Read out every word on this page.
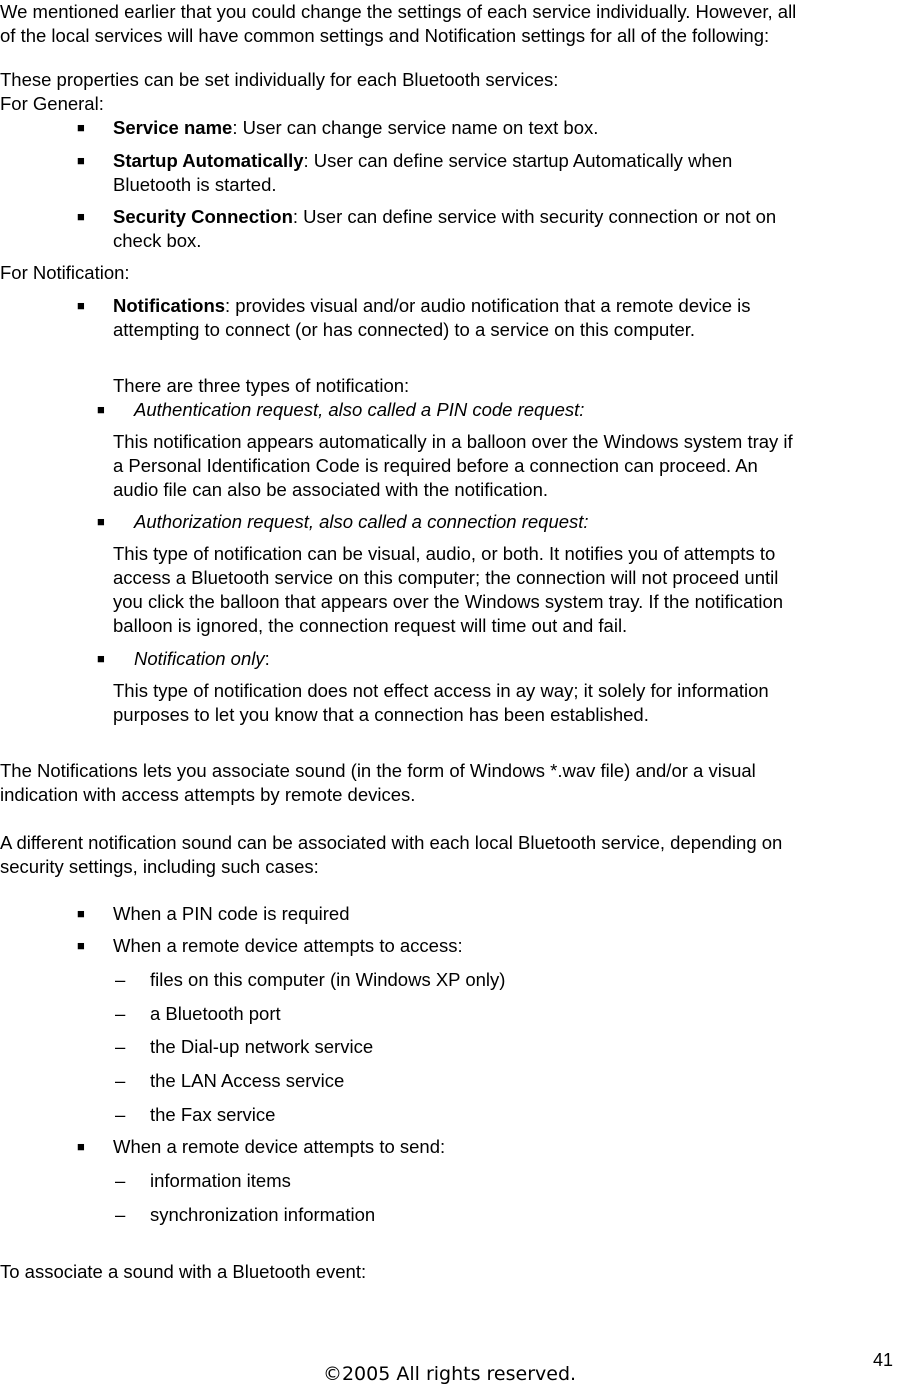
We mentioned earlier that you could change the settings of each service individually. However, all
of the local services will have common settings and Notification settings for all of the following:
These properties can be set individually for each Bluetooth services:
For General:
■ Service name: User can change service name on text box.
■ Startup Automatically: User can define service startup Automatically when
Bluetooth is started.
■ Security Connection: User can define service with security connection or not on
check box.
For Notification:
■ Notifications: provides visual and/or audio notification that a remote device is
attempting to connect (or has connected) to a service on this computer.
There are three types of notification:
■ Authentication request, also called a PIN code request:
This notification appears automatically in a balloon over the Windows system tray if
a Personal Identification Code is required before a connection can proceed. An
audio file can also be associated with the notification.
■ Authorization request, also called a connection request:
This type of notification can be visual, audio, or both. It notifies you of attempts to
access a Bluetooth service on this computer; the connection will not proceed until
you click the balloon that appears over the Windows system tray. If the notification
balloon is ignored, the connection request will time out and fail.
■ Notification only:
This type of notification does not effect access in ay way; it solely for information
purposes to let you know that a connection has been established.
The Notifications lets you associate sound (in the form of Windows *.wav file) and/or a visual
indication with access attempts by remote devices.
A different notification sound can be associated with each local Bluetooth service, depending on
security settings, including such cases:
■ When a PIN code is required
■ When a remote device attempts to access:
– files on this computer (in Windows XP only)
– a Bluetooth port
– the Dial-up network service
– the LAN Access service
– the Fax service
■ When a remote device attempts to send:
– information items
– synchronization information
To associate a sound with a Bluetooth event:
41
©2005 All rights reserved.
